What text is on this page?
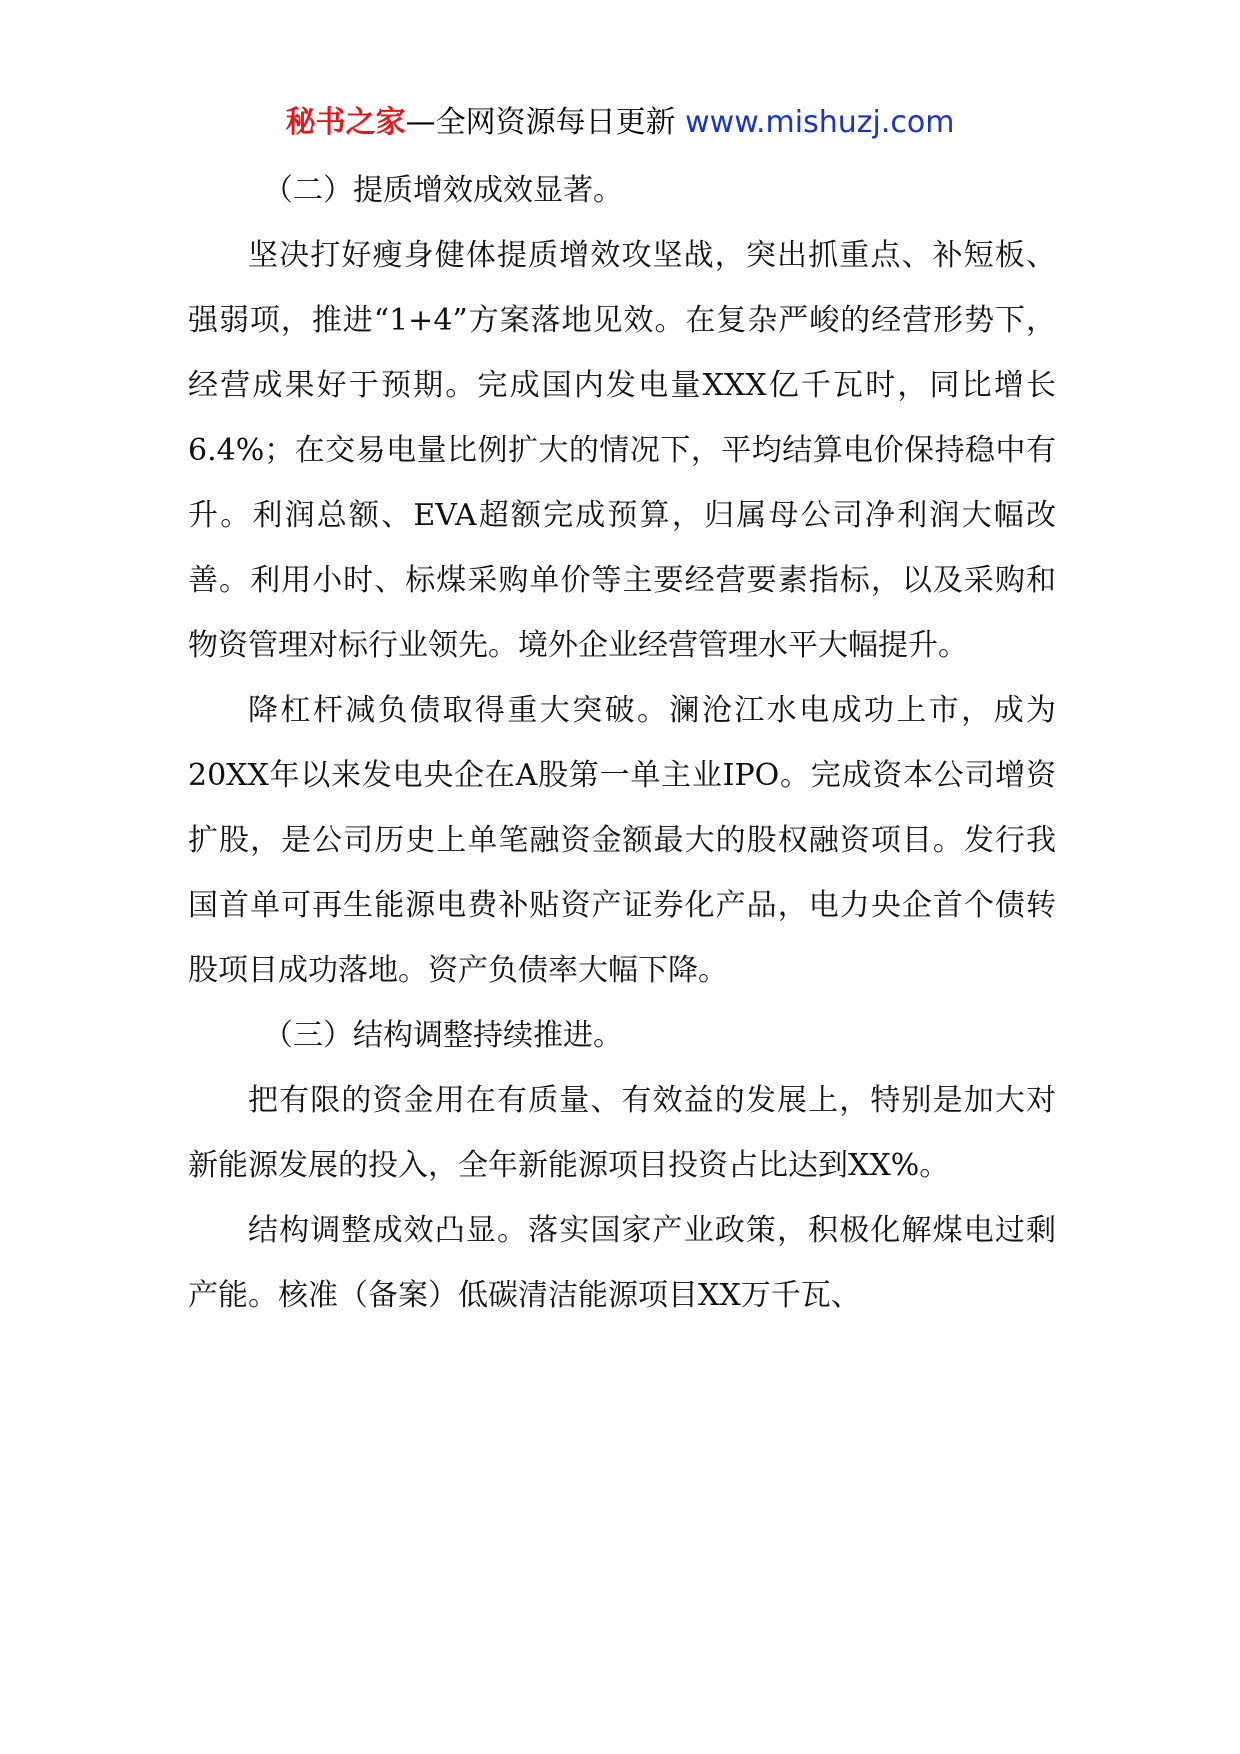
秘书之家—全网资源每日更新 www.mishuzj.com

（二）提质增效成效显著。

坚决打好瘦身健体提质增效攻坚战，突出抓重点、补短板、强弱项，推进“1+4”方案落地见效。在复杂严峻的经营形势下，经营成果好于预期。完成国内发电量XXX亿千瓦时，同比增长6.4%；在交易电量比例扩大的情况下，平均结算电价保持稳中有升。利润总额、EVA超额完成预算，归属母公司净利润大幅改善。利用小时、标煤采购单价等主要经营要素指标，以及采购和物资管理对标行业领先。境外企业经营管理水平大幅提升。

降杠杆减负债取得重大突破。澜沧江水电成功上市，成为20XX年以来发电央企在A股第一单主业IPO。完成资本公司增资扩股，是公司历史上单笔融资金额最大的股权融资项目。发行我国首单可再生能源电费补贴资产证券化产品，电力央企首个债转股项目成功落地。资产负债率大幅下降。

（三）结构调整持续推进。

把有限的资金用在有质量、有效益的发展上，特别是加大对新能源发展的投入，全年新能源项目投资占比达到XX%。

结构调整成效凸显。落实国家产业政策，积极化解煤电过剩产能。核准（备案）低碳清洁能源项目XX万千瓦、
